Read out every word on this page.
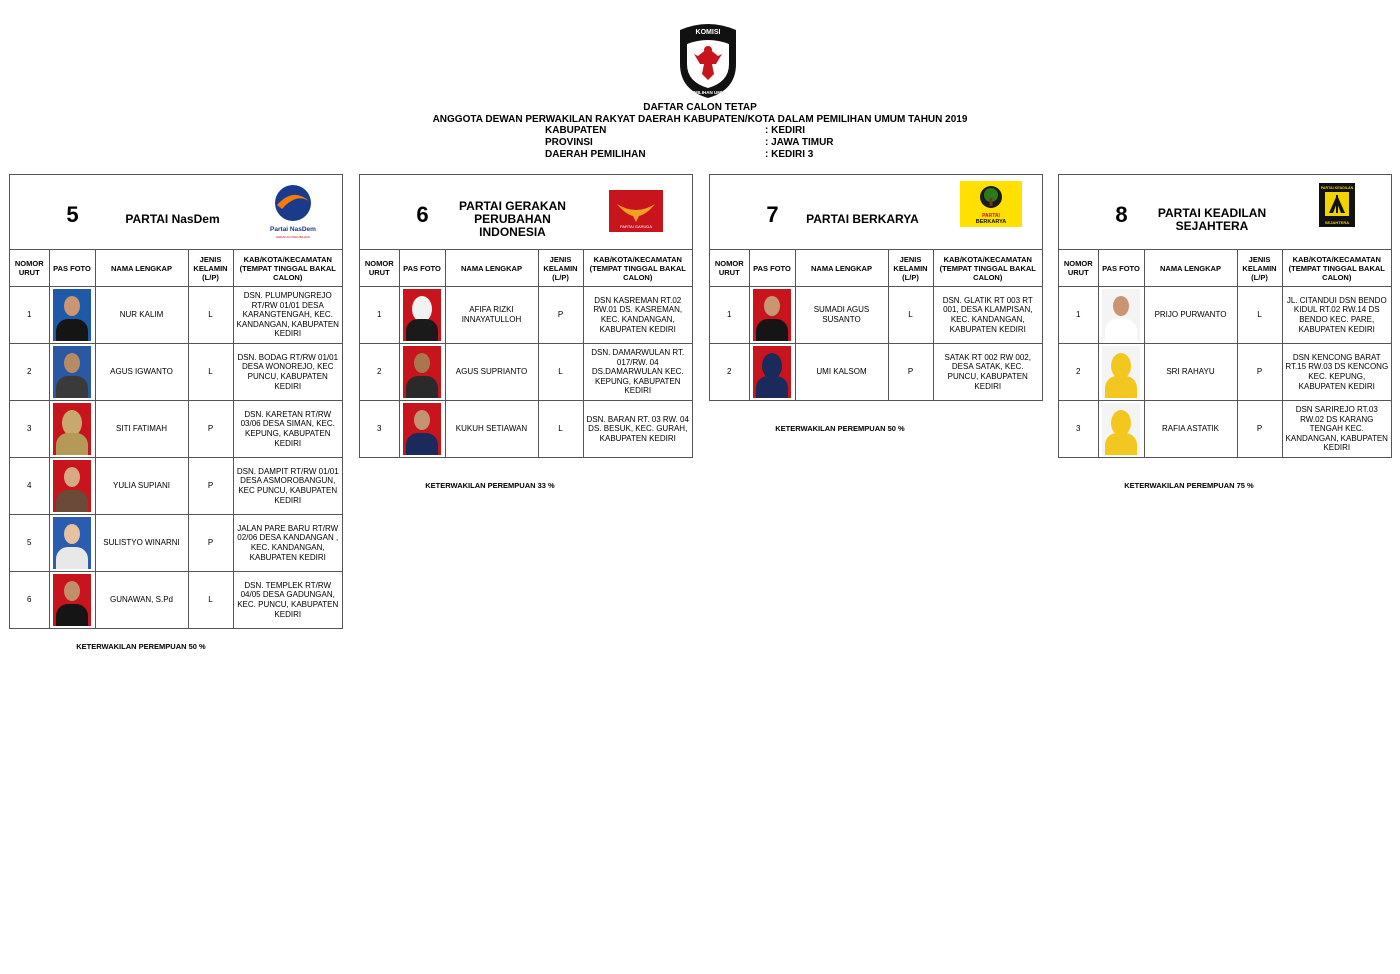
KOMISI
PEMILIHAN UMUM
DAFTAR CALON TETAP
ANGGOTA DEWAN PERWAKILAN RAKYAT DAERAH KABUPATEN/KOTA DALAM PEMILIHAN UMUM TAHUN 2019
KABUPATEN	: KEDIRI
PROVINSI	: JAWA TIMUR
DAERAH PEMILIHAN	: KEDIRI 3
5	PARTAI NasDem
Partai NasDem
GERAKAN PERUBAHAN
NOMOR URUT	PAS FOTO	NAMA LENGKAP	JENIS KELAMIN (L/P)	KAB/KOTA/KECAMATAN (TEMPAT TINGGAL BAKAL CALON)
1		NUR KALIM	L	DSN. PLUMPUNGREJO RT/RW 01/01 DESA KARANGTENGAH, KEC. KANDANGAN, KABUPATEN KEDIRI
2		AGUS IGWANTO	L	DSN. BODAG RT/RW 01/01 DESA WONOREJO, KEC PUNCU, KABUPATEN KEDIRI
3		SITI FATIMAH	P	DSN. KARETAN RT/RW 03/06 DESA SIMAN, KEC. KEPUNG, KABUPATEN KEDIRI
4		YULIA SUPIANI	P	DSN. DAMPIT RT/RW 01/01 DESA ASMOROBANGUN, KEC PUNCU, KABUPATEN KEDIRI
5		SULISTYO WINARNI	P	JALAN PARE BARU RT/RW 02/06 DESA KANDANGAN , KEC. KANDANGAN, KABUPATEN KEDIRI
6		GUNAWAN, S.Pd	L	DSN. TEMPLEK RT/RW 04/05 DESA GADUNGAN, KEC. PUNCU, KABUPATEN KEDIRI
KETERWAKILAN PEREMPUAN 50 %
6	PARTAI GERAKAN PERUBAHAN INDONESIA	PARTAI GARUDA
NOMOR URUT	PAS FOTO	NAMA LENGKAP	JENIS KELAMIN (L/P)	KAB/KOTA/KECAMATAN (TEMPAT TINGGAL BAKAL CALON)
1		AFIFA RIZKI INNAYATULLOH	P	DSN KASREMAN RT.02 RW.01 DS. KASREMAN, KEC. KANDANGAN, KABUPATEN KEDIRI
2		AGUS SUPRIANTO	L	DSN. DAMARWULAN RT. 017/RW. 04 DS.DAMARWULAN KEC. KEPUNG, KABUPATEN KEDIRI
3		KUKUH SETIAWAN	L	DSN. BARAN RT. 03 RW. 04 DS. BESUK, KEC. GURAH, KABUPATEN KEDIRI
KETERWAKILAN PEREMPUAN 33 %
7	PARTAI BERKARYA	PARTAI
BERKARYA
NOMOR URUT	PAS FOTO	NAMA LENGKAP	JENIS KELAMIN (L/P)	KAB/KOTA/KECAMATAN (TEMPAT TINGGAL BAKAL CALON)
1		SUMADI AGUS SUSANTO	L	DSN. GLATIK RT 003 RT 001, DESA KLAMPISAN, KEC. KANDANGAN, KABUPATEN KEDIRI
2		UMI KALSOM	P	SATAK RT 002 RW 002, DESA SATAK, KEC. PUNCU, KABUPATEN KEDIRI
KETERWAKILAN PEREMPUAN 50 %
8	PARTAI KEADILAN SEJAHTERA
PARTAI KEADILAN
SEJAHTERA
NOMOR URUT	PAS FOTO	NAMA LENGKAP	JENIS KELAMIN (L/P)	KAB/KOTA/KECAMATAN (TEMPAT TINGGAL BAKAL CALON)
1		PRIJO PURWANTO	L	JL. CITANDUI DSN BENDO KIDUL RT.02 RW.14 DS BENDO KEC. PARE, KABUPATEN KEDIRI
2		SRI RAHAYU	P	DSN KENCONG BARAT RT.15 RW.03 DS KENCONG KEC. KEPUNG, KABUPATEN KEDIRI
3		RAFIA ASTATIK	P	DSN SARIREJO RT.03 RW.02 DS KARANG TENGAH KEC. KANDANGAN, KABUPATEN KEDIRI
KETERWAKILAN PEREMPUAN 75 %
